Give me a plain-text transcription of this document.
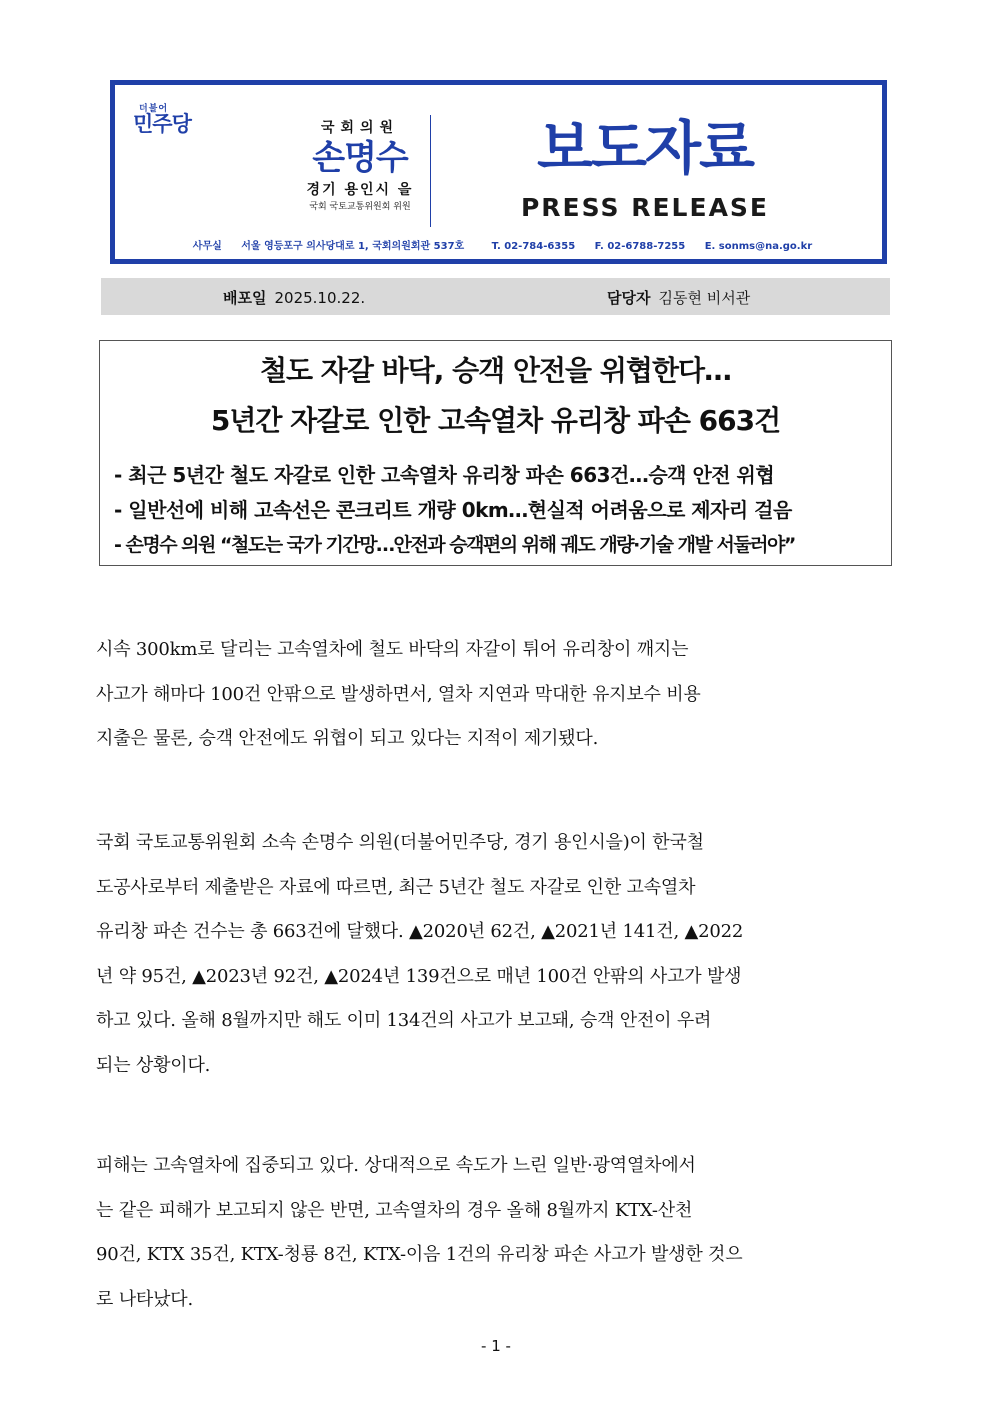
더불어
민주당	국회의원
손명수
경기 용인시 을
국회 국토교통위원회 위원
보도자료
PRESS RELEASE
사무실 서울 영등포구 의사당대로 1, 국회의원회관 537호	T. 02-784-6355 F. 02-6788-7255 E. sonms@na.go.kr
배포일 2025.10.22.	담당자 김동현 비서관
철도 자갈 바닥, 승객 안전을 위협한다…
5년간 자갈로 인한 고속열차 유리창 파손 663건
- 최근 5년간 철도 자갈로 인한 고속열차 유리창 파손 663건…승객 안전 위협
- 일반선에 비해 고속선은 콘크리트 개량 0km…현실적 어려움으로 제자리 걸음
- 손명수 의원 “철도는 국가 기간망…안전과 승객편의 위해 궤도 개량·기술 개발 서둘러야”
시속 300km로 달리는 고속열차에 철도 바닥의 자갈이 튀어 유리창이 깨지는
사고가 해마다 100건 안팎으로 발생하면서, 열차 지연과 막대한 유지보수 비용
지출은 물론, 승객 안전에도 위협이 되고 있다는 지적이 제기됐다.
국회 국토교통위원회 소속 손명수 의원(더불어민주당, 경기 용인시을)이 한국철
도공사로부터 제출받은 자료에 따르면, 최근 5년간 철도 자갈로 인한 고속열차
유리창 파손 건수는 총 663건에 달했다. ▲2020년 62건, ▲2021년 141건, ▲2022
년 약 95건, ▲2023년 92건, ▲2024년 139건으로 매년 100건 안팎의 사고가 발생
하고 있다. 올해 8월까지만 해도 이미 134건의 사고가 보고돼, 승객 안전이 우려
되는 상황이다.
피해는 고속열차에 집중되고 있다. 상대적으로 속도가 느린 일반·광역열차에서
는 같은 피해가 보고되지 않은 반면, 고속열차의 경우 올해 8월까지 KTX-산천
90건, KTX 35건, KTX-청룡 8건, KTX-이음 1건의 유리창 파손 사고가 발생한 것으
로 나타났다.
- 1 -
